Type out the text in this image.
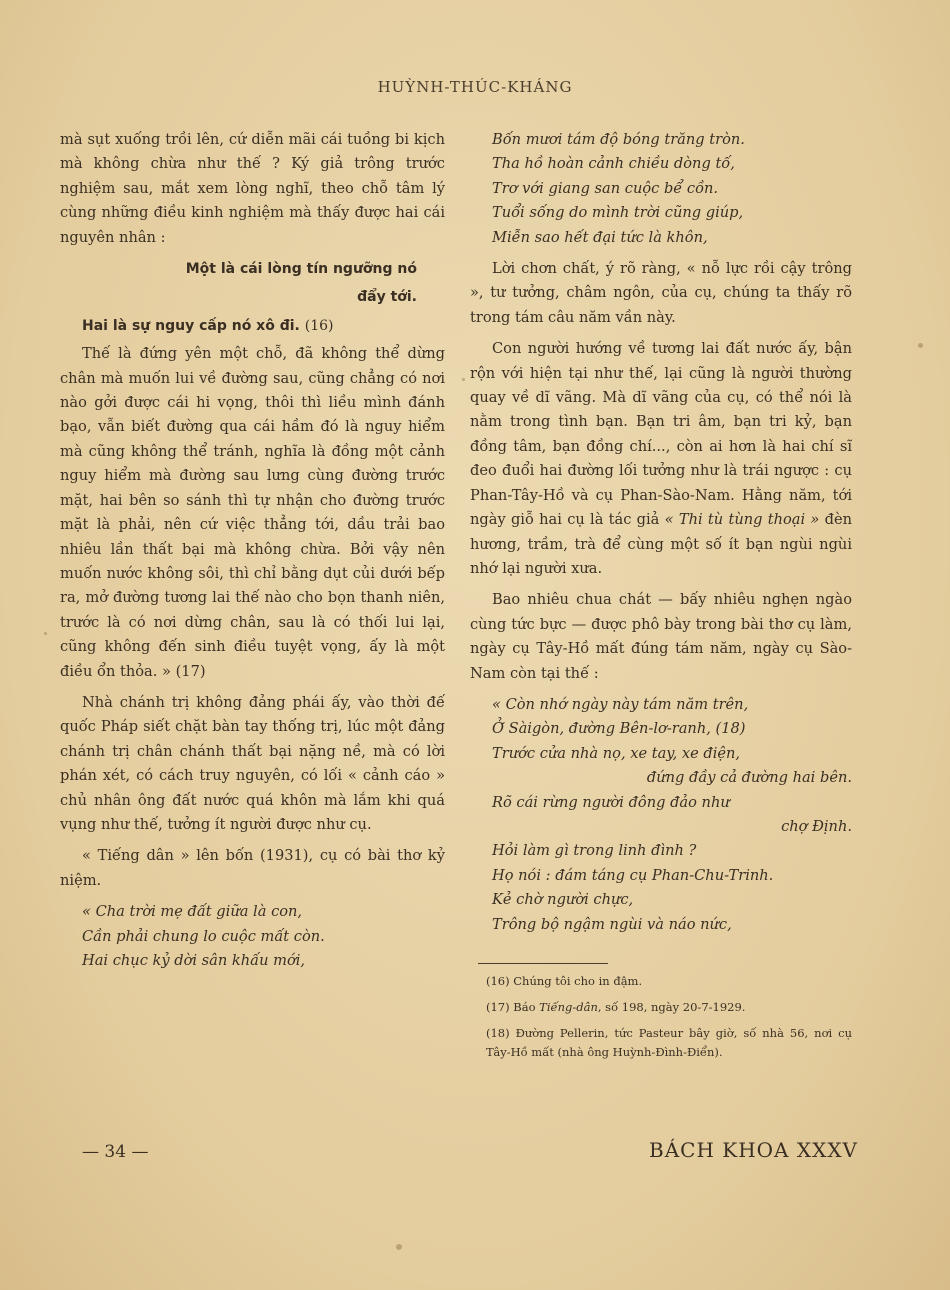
HUỲNH-THÚC-KHÁNG

mà sụt xuống trồi lên, cứ diễn mãi cái tuồng bi kịch mà không chừa như thế ? Ký giả trông trước nghiệm sau, mắt xem lòng nghĩ, theo chỗ tâm lý cùng những điều kinh nghiệm mà thấy được hai cái nguyên nhân :

Một là cái lòng tín ngưỡng nó
đẩy tới.
Hai là sự nguy cấp nó xô đi. (16)

Thế là đứng yên một chỗ, đã không thể dừng chân mà muốn lui về đường sau, cũng chẳng có nơi nào gởi được cái hi vọng, thôi thì liều mình đánh bạo, vẫn biết đường qua cái hầm đó là nguy hiểm mà cũng không thể tránh, nghĩa là đồng một cảnh nguy hiểm mà đường sau lưng cùng đường trước mặt, hai bên so sánh thì tự nhận cho đường trước mặt là phải, nên cứ việc thẳng tới, dầu trải bao nhiêu lần thất bại mà không chừa. Bởi vậy nên muốn nước không sôi, thì chỉ bằng dụt củi dưới bếp ra, mở đường tương lai thế nào cho bọn thanh niên, trước là có nơi dừng chân, sau là có thối lui lại, cũng không đến sinh điều tuyệt vọng, ấy là một điều ổn thỏa. » (17)

Nhà chánh trị không đảng phái ấy, vào thời đế quốc Pháp siết chặt bàn tay thống trị, lúc một đảng chánh trị chân chánh thất bại nặng nề, mà có lời phán xét, có cách truy nguyên, có lối « cảnh cáo » chủ nhân ông đất nước quá khôn mà lắm khi quá vụng như thế, tưởng ít người được như cụ.

« Tiếng dân » lên bốn (1931), cụ có bài thơ kỷ niệm.

« Cha trời mẹ đất giữa là con,
Cần phải chung lo cuộc mất còn.
Hai chục kỷ dời sân khấu mới,
Bốn mươi tám độ bóng trăng tròn.
Tha hồ hoàn cảnh chiều dòng tố,
Trơ với giang san cuộc bể cồn.
Tuổi sống do mình trời cũng giúp,
Miễn sao hết đại tức là khôn,

Lời chơn chất, ý rõ ràng, « nỗ lực rồi cậy trông », tư tưởng, châm ngôn, của cụ, chúng ta thấy rõ trong tám câu năm vần này.

Con người hướng về tương lai đất nước ấy, bận rộn với hiện tại như thế, lại cũng là người thường quay về dĩ vãng. Mà dĩ vãng của cụ, có thể nói là nằm trong tình bạn. Bạn tri âm, bạn tri kỷ, bạn đồng tâm, bạn đồng chí..., còn ai hơn là hai chí sĩ đeo đuổi hai đường lối tưởng như là trái ngược : cụ Phan-Tây-Hồ và cụ Phan-Sào-Nam. Hằng năm, tới ngày giỗ hai cụ là tác giả « Thi tù tùng thoại » đèn hương, trầm, trà để cùng một số ít bạn ngùi ngùi nhớ lại người xưa.

Bao nhiêu chua chát — bấy nhiêu nghẹn ngào cùng tức bực — được phô bày trong bài thơ cụ làm, ngày cụ Tây-Hồ mất đúng tám năm, ngày cụ Sào-Nam còn tại thế :

« Còn nhớ ngày này tám năm trên,
Ở Sàigòn, đường Bên-lơ-ranh, (18)
Trước cửa nhà nọ, xe tay, xe điện,
đứng đầy cả đường hai bên.
Rõ cái rừng người đông đảo như
chợ Định.
Hỏi làm gì trong linh đình ?
Họ nói : đám táng cụ Phan-Chu-Trinh.
Kẻ chờ người chực,
Trông bộ ngậm ngùi và náo nức,

(16) Chúng tôi cho in đậm.

(17) Báo Tiếng-dân, số 198, ngày 20-7-1929.

(18) Đường Pellerin, tức Pasteur bây giờ, số nhà 56, nơi cụ Tây-Hồ mất (nhà ông Huỳnh-Đình-Điển).

— 34 —	BÁCH KHOA XXXV
